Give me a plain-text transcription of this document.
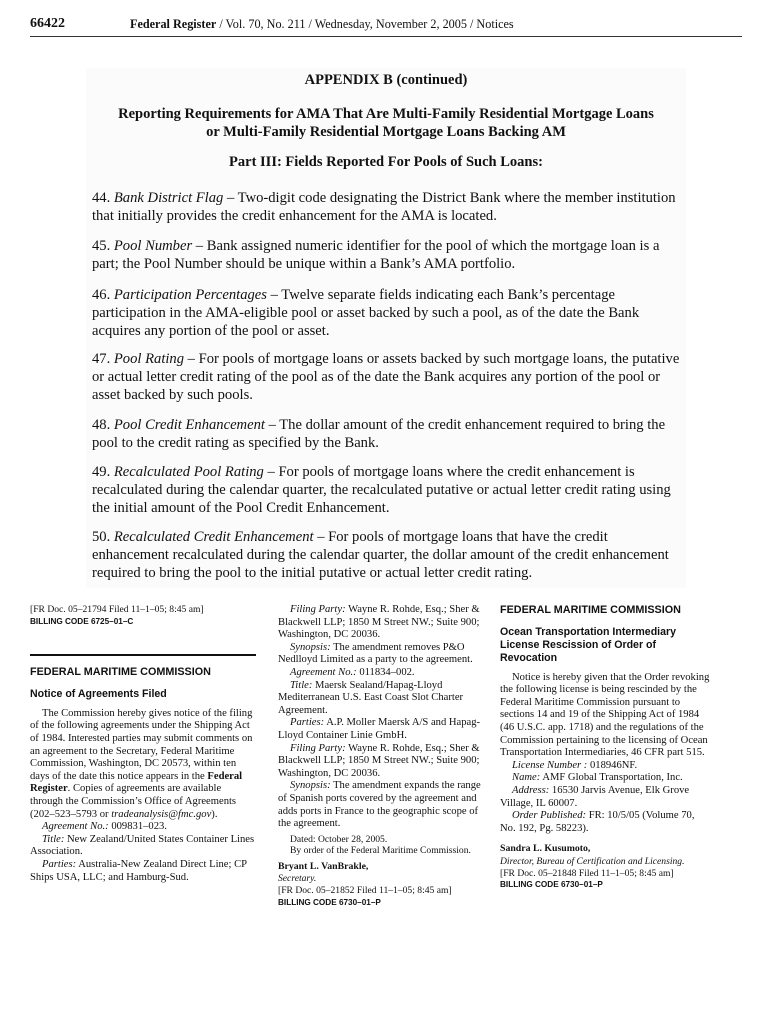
66422	Federal Register / Vol. 70, No. 211 / Wednesday, November 2, 2005 / Notices
APPENDIX B (continued)
Reporting Requirements for AMA That Are Multi-Family Residential Mortgage Loans
or Multi-Family Residential Mortgage Loans Backing AM
Part III: Fields Reported For Pools of Such Loans:
44. Bank District Flag – Two-digit code designating the District Bank where the member institution that initially provides the credit enhancement for the AMA is located.
45. Pool Number – Bank assigned numeric identifier for the pool of which the mortgage loan is a part; the Pool Number should be unique within a Bank’s AMA portfolio.
46. Participation Percentages – Twelve separate fields indicating each Bank’s percentage participation in the AMA-eligible pool or asset backed by such a pool, as of the date the Bank acquires any portion of the pool or asset.
47. Pool Rating – For pools of mortgage loans or assets backed by such mortgage loans, the putative or actual letter credit rating of the pool as of the date the Bank acquires any portion of the pool or asset backed by such pools.
48. Pool Credit Enhancement – The dollar amount of the credit enhancement required to bring the pool to the credit rating as specified by the Bank.
49. Recalculated Pool Rating – For pools of mortgage loans where the credit enhancement is recalculated during the calendar quarter, the recalculated putative or actual letter credit rating using the initial amount of the Pool Credit Enhancement.
50. Recalculated Credit Enhancement – For pools of mortgage loans that have the credit enhancement recalculated during the calendar quarter, the dollar amount of the credit enhancement required to bring the pool to the initial putative or actual letter credit rating.

[FR Doc. 05–21794 Filed 11–1–05; 8:45 am]

BILLING CODE 6725–01–C

FEDERAL MARITIME COMMISSION
Notice of Agreements Filed

The Commission hereby gives notice of the filing of the following agreements under the Shipping Act of 1984. Interested parties may submit comments on an agreement to the Secretary, Federal Maritime Commission, Washington, DC 20573, within ten days of the date this notice appears in the Federal Register. Copies of agreements are available through the Commission’s Office of Agreements (202–523–5793 or tradeanalysis@fmc.gov).

Agreement No.: 009831–023.

Title: New Zealand/United States Container Lines Association.

Parties: Australia-New Zealand Direct Line; CP Ships USA, LLC; and Hamburg-Sud.

Filing Party: Wayne R. Rohde, Esq.; Sher & Blackwell LLP; 1850 M Street NW.; Suite 900; Washington, DC 20036.

Synopsis: The amendment removes P&O Nedlloyd Limited as a party to the agreement.

Agreement No.: 011834–002.

Title: Maersk Sealand/Hapag-Lloyd Mediterranean U.S. East Coast Slot Charter Agreement.

Parties: A.P. Moller Maersk A/S and Hapag-Lloyd Container Linie GmbH.

Filing Party: Wayne R. Rohde, Esq.; Sher & Blackwell LLP; 1850 M Street NW.; Suite 900; Washington, DC 20036.

Synopsis: The amendment expands the range of Spanish ports covered by the agreement and adds ports in France to the geographic scope of the agreement.

Dated: October 28, 2005.

By order of the Federal Maritime Commission.

Bryant L. VanBrakle,

Secretary.

[FR Doc. 05–21852 Filed 11–1–05; 8:45 am]

BILLING CODE 6730–01–P

FEDERAL MARITIME COMMISSION
Ocean Transportation Intermediary License Rescission of Order of Revocation

Notice is hereby given that the Order revoking the following license is being rescinded by the Federal Maritime Commission pursuant to sections 14 and 19 of the Shipping Act of 1984 (46 U.S.C. app. 1718) and the regulations of the Commission pertaining to the licensing of Ocean Transportation Intermediaries, 46 CFR part 515.

License Number : 018946NF.

Name: AMF Global Transportation, Inc.

Address: 16530 Jarvis Avenue, Elk Grove Village, IL 60007.

Order Published: FR: 10/5/05 (Volume 70, No. 192, Pg. 58223).

Sandra L. Kusumoto,

Director, Bureau of Certification and Licensing.

[FR Doc. 05–21848 Filed 11–1–05; 8:45 am]

BILLING CODE 6730–01–P
